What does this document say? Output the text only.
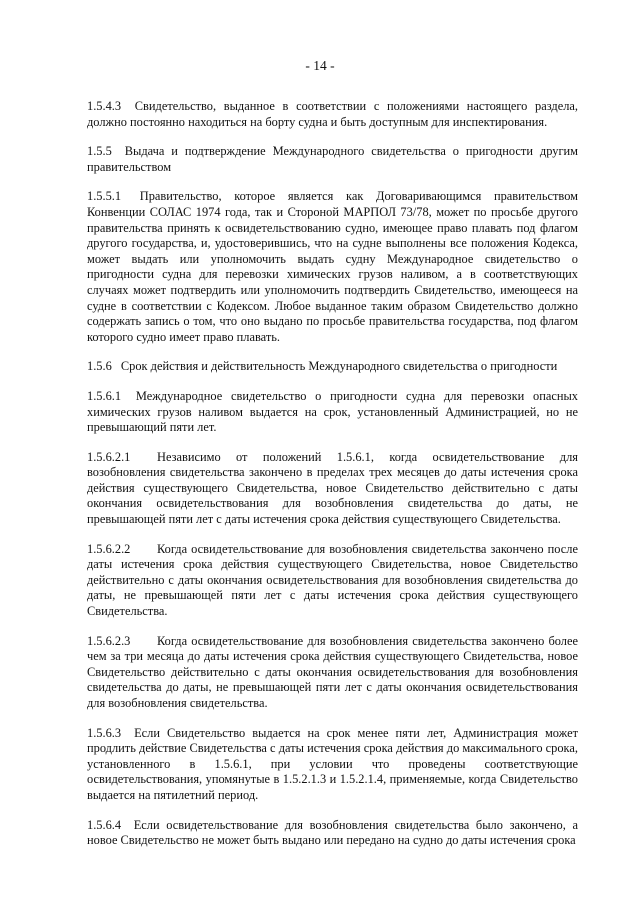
- 14 -

1.5.4.3 Свидетельство, выданное в соответствии с положениями настоящего раздела, должно постоянно находиться на борту судна и быть доступным для инспектирования.

1.5.5 Выдача и подтверждение Международного свидетельства о пригодности другим правительством

1.5.5.1 Правительство, которое является как Договаривающимся правительством Конвенции СОЛАС 1974 года, так и Стороной МАРПОЛ 73/78, может по просьбе другого правительства принять к освидетельствованию судно, имеющее право плавать под флагом другого государства, и, удостоверившись, что на судне выполнены все положения Кодекса, может выдать или уполномочить выдать судну Международное свидетельство о пригодности судна для перевозки химических грузов наливом, а в соответствующих случаях может подтвердить или уполномочить подтвердить Свидетельство, имеющееся на судне в соответствии с Кодексом. Любое выданное таким образом Свидетельство должно содержать запись о том, что оно выдано по просьбе правительства государства, под флагом которого судно имеет право плавать.

1.5.6 Срок действия и действительность Международного свидетельства о пригодности

1.5.6.1 Международное свидетельство о пригодности судна для перевозки опасных химических грузов наливом выдается на срок, установленный Администрацией, но не превышающий пяти лет.

1.5.6.2.1 Независимо от положений 1.5.6.1, когда освидетельствование для возобновления свидетельства закончено в пределах трех месяцев до даты истечения срока действия существующего Свидетельства, новое Свидетельство действительно с даты окончания освидетельствования для возобновления свидетельства до даты, не превышающей пяти лет с даты истечения срока действия существующего Свидетельства.

1.5.6.2.2 Когда освидетельствование для возобновления свидетельства закончено после даты истечения срока действия существующего Свидетельства, новое Свидетельство действительно с даты окончания освидетельствования для возобновления свидетельства до даты, не превышающей пяти лет с даты истечения срока действия существующего Свидетельства.

1.5.6.2.3 Когда освидетельствование для возобновления свидетельства закончено более чем за три месяца до даты истечения срока действия существующего Свидетельства, новое Свидетельство действительно с даты окончания освидетельствования для возобновления свидетельства до даты, не превышающей пяти лет с даты окончания освидетельствования для возобновления свидетельства.

1.5.6.3 Если Свидетельство выдается на срок менее пяти лет, Администрация может продлить действие Свидетельства с даты истечения срока действия до максимального срока, установленного в 1.5.6.1, при условии что проведены соответствующие освидетельствования, упомянутые в 1.5.2.1.3 и 1.5.2.1.4, применяемые, когда Свидетельство выдается на пятилетний период.

1.5.6.4 Если освидетельствование для возобновления свидетельства было закончено, а новое Свидетельство не может быть выдано или передано на судно до даты истечения срока
